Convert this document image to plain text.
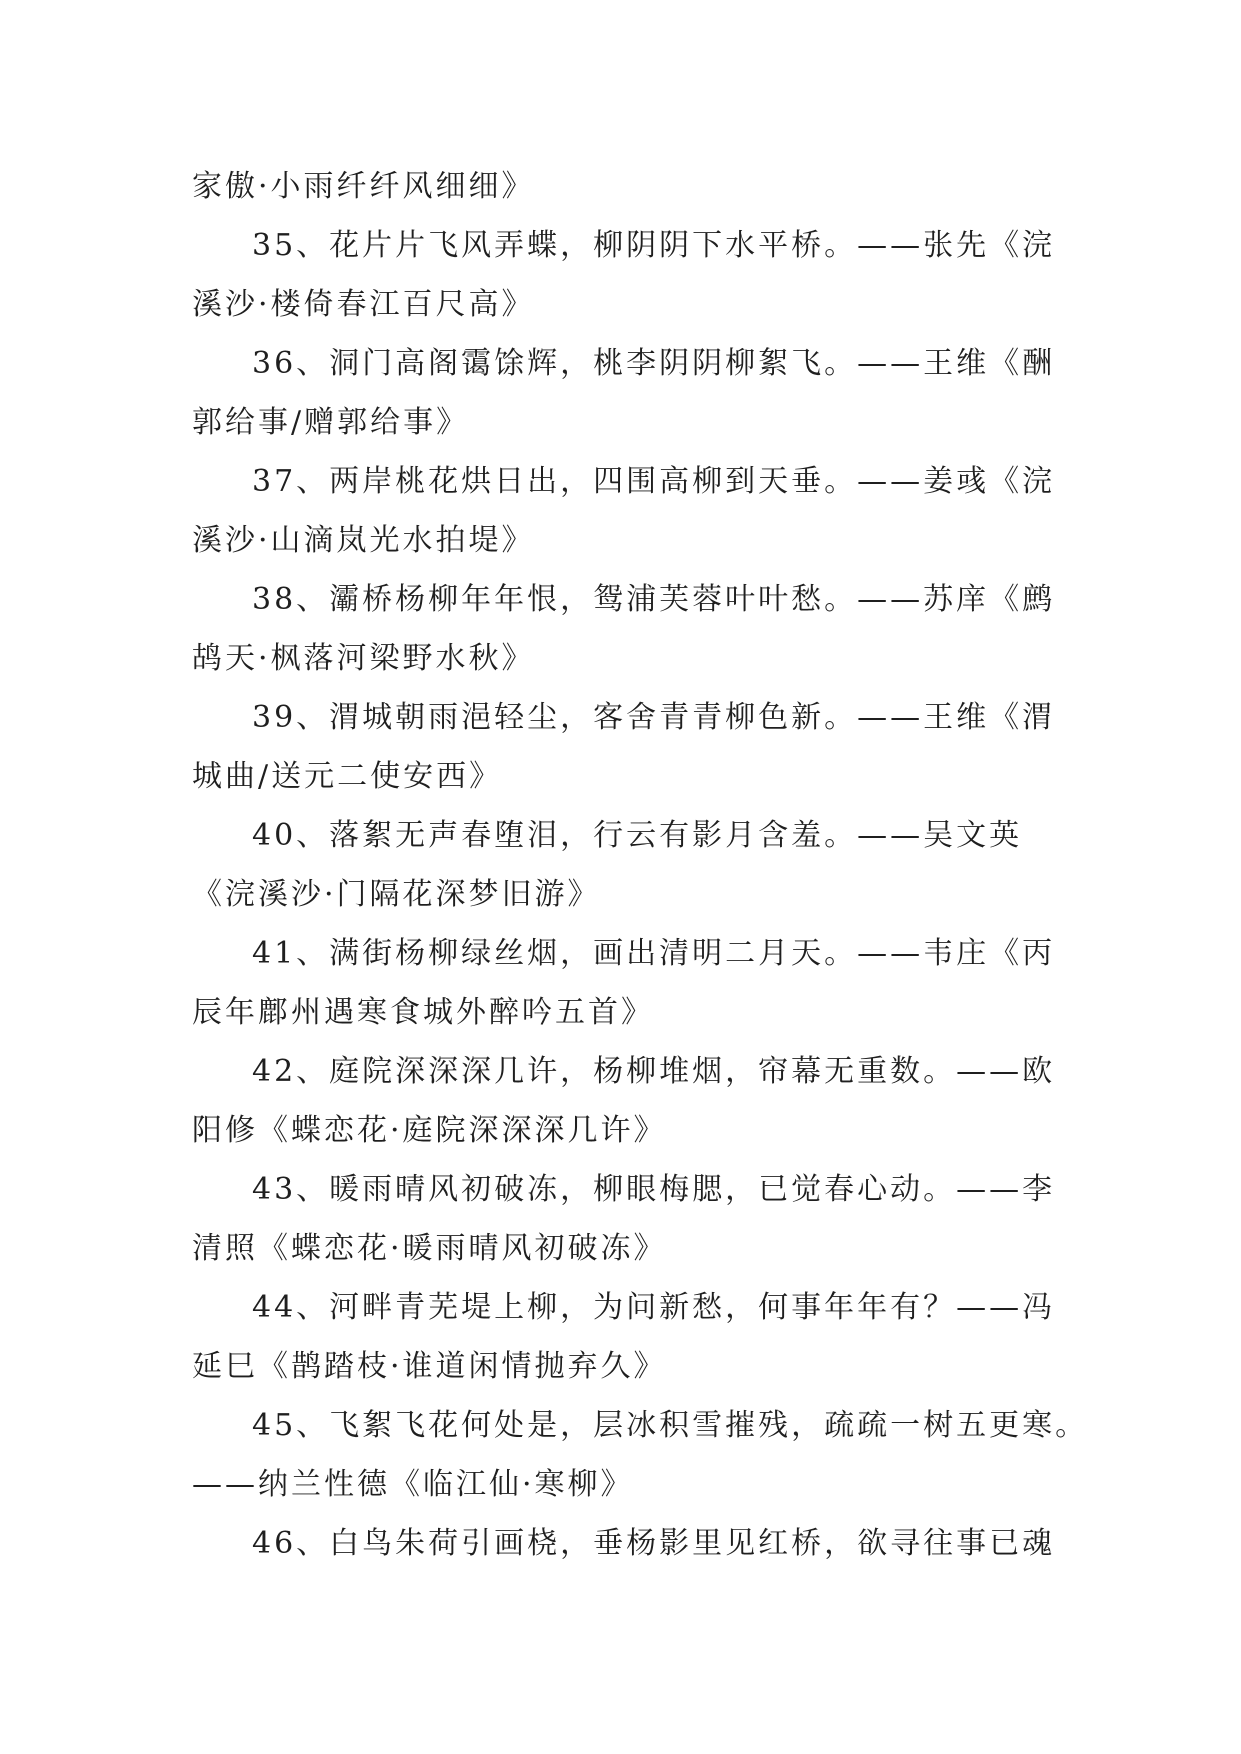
家傲·小雨纤纤风细细》
35、花片片飞风弄蝶，柳阴阴下水平桥。——张先《浣
溪沙·楼倚春江百尺高》
36、洞门高阁霭馀辉，桃李阴阴柳絮飞。——王维《酬
郭给事/赠郭给事》
37、两岸桃花烘日出，四围高柳到天垂。——姜彧《浣
溪沙·山滴岚光水拍堤》
38、灞桥杨柳年年恨，鸳浦芙蓉叶叶愁。——苏庠《鹧
鸪天·枫落河梁野水秋》
39、渭城朝雨浥轻尘，客舍青青柳色新。——王维《渭
城曲/送元二使安西》
40、落絮无声春堕泪，行云有影月含羞。——吴文英
《浣溪沙·门隔花深梦旧游》
41、满街杨柳绿丝烟，画出清明二月天。——韦庄《丙
辰年鄜州遇寒食城外醉吟五首》
42、庭院深深深几许，杨柳堆烟，帘幕无重数。——欧
阳修《蝶恋花·庭院深深深几许》
43、暖雨晴风初破冻，柳眼梅腮，已觉春心动。——李
清照《蝶恋花·暖雨晴风初破冻》
44、河畔青芜堤上柳，为问新愁，何事年年有？——冯
延巳《鹊踏枝·谁道闲情抛弃久》
45、飞絮飞花何处是，层冰积雪摧残，疏疏一树五更寒。
——纳兰性德《临江仙·寒柳》
46、白鸟朱荷引画桡，垂杨影里见红桥，欲寻往事已魂
